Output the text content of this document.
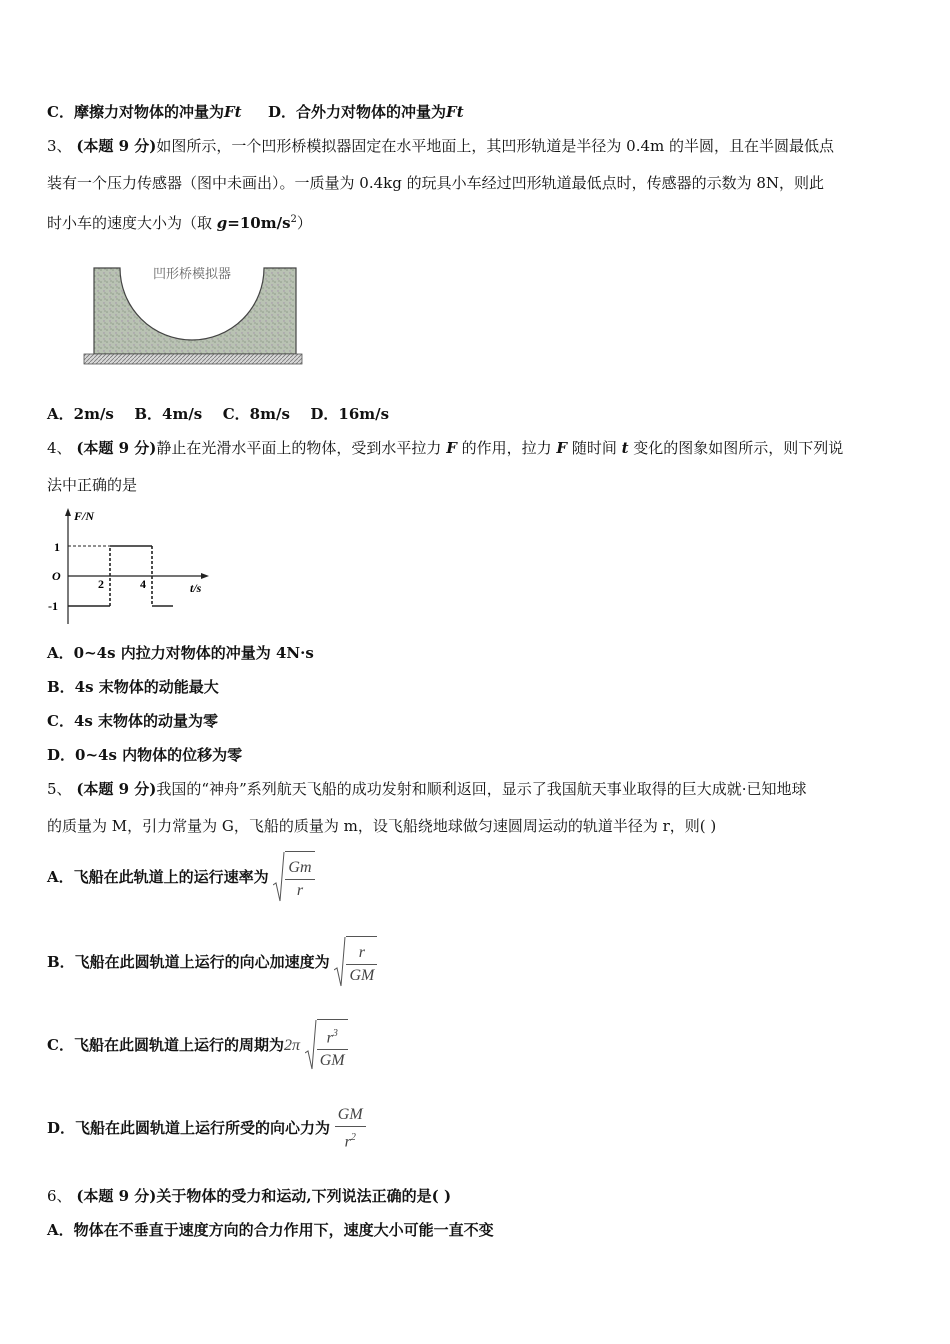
C．摩擦力对物体的冲量为Ft D．合外力对物体的冲量为Ft
3、 (本题 9 分)如图所示，一个凹形桥模拟器固定在水平地面上，其凹形轨道是半径为 0.4m 的半圆，且在半圆最低点
装有一个压力传感器（图中未画出）。一质量为 0.4kg 的玩具小车经过凹形轨道最低点时，传感器的示数为 8N，则此
时小车的速度大小为（取 $g=10m/s^2$）
凹形桥模拟器
A．2m/s B．4m/s C．8m/s D．16m/s
4、 (本题 9 分)静止在光滑水平面上的物体，受到水平拉力 F 的作用，拉力 F 随时间 t 变化的图象如图所示，则下列说
法中正确的是
F/N
t/s
O
1
-1
2	4
A．0~4s 内拉力对物体的冲量为 4N·s
B．4s 末物体的动能最大
C．4s 末物体的动量为零
D．0~4s 内物体的位移为零
5、 (本题 9 分)我国的“神舟”系列航天飞船的成功发射和顺利返回，显示了我国航天事业取得的巨大成就·已知地球
的质量为 M，引力常量为 G，飞船的质量为 m，设飞船绕地球做匀速圆周运动的轨道半径为 r，则( )
A．飞船在此轨道上的运行速率为 $\frac{Gm}{r}$
B．飞船在此圆轨道上运行的向心加速度为 $\frac{r}{GM}$
C．飞船在此圆轨道上运行的周期为$2\pi \frac{r^3}{GM}$
D．飞船在此圆轨道上运行所受的向心力为 $\frac{GM}{r^2}$
6、 (本题 9 分)关于物体的受力和运动,下列说法正确的是( )
A．物体在不垂直于速度方向的合力作用下，速度大小可能一直不变
